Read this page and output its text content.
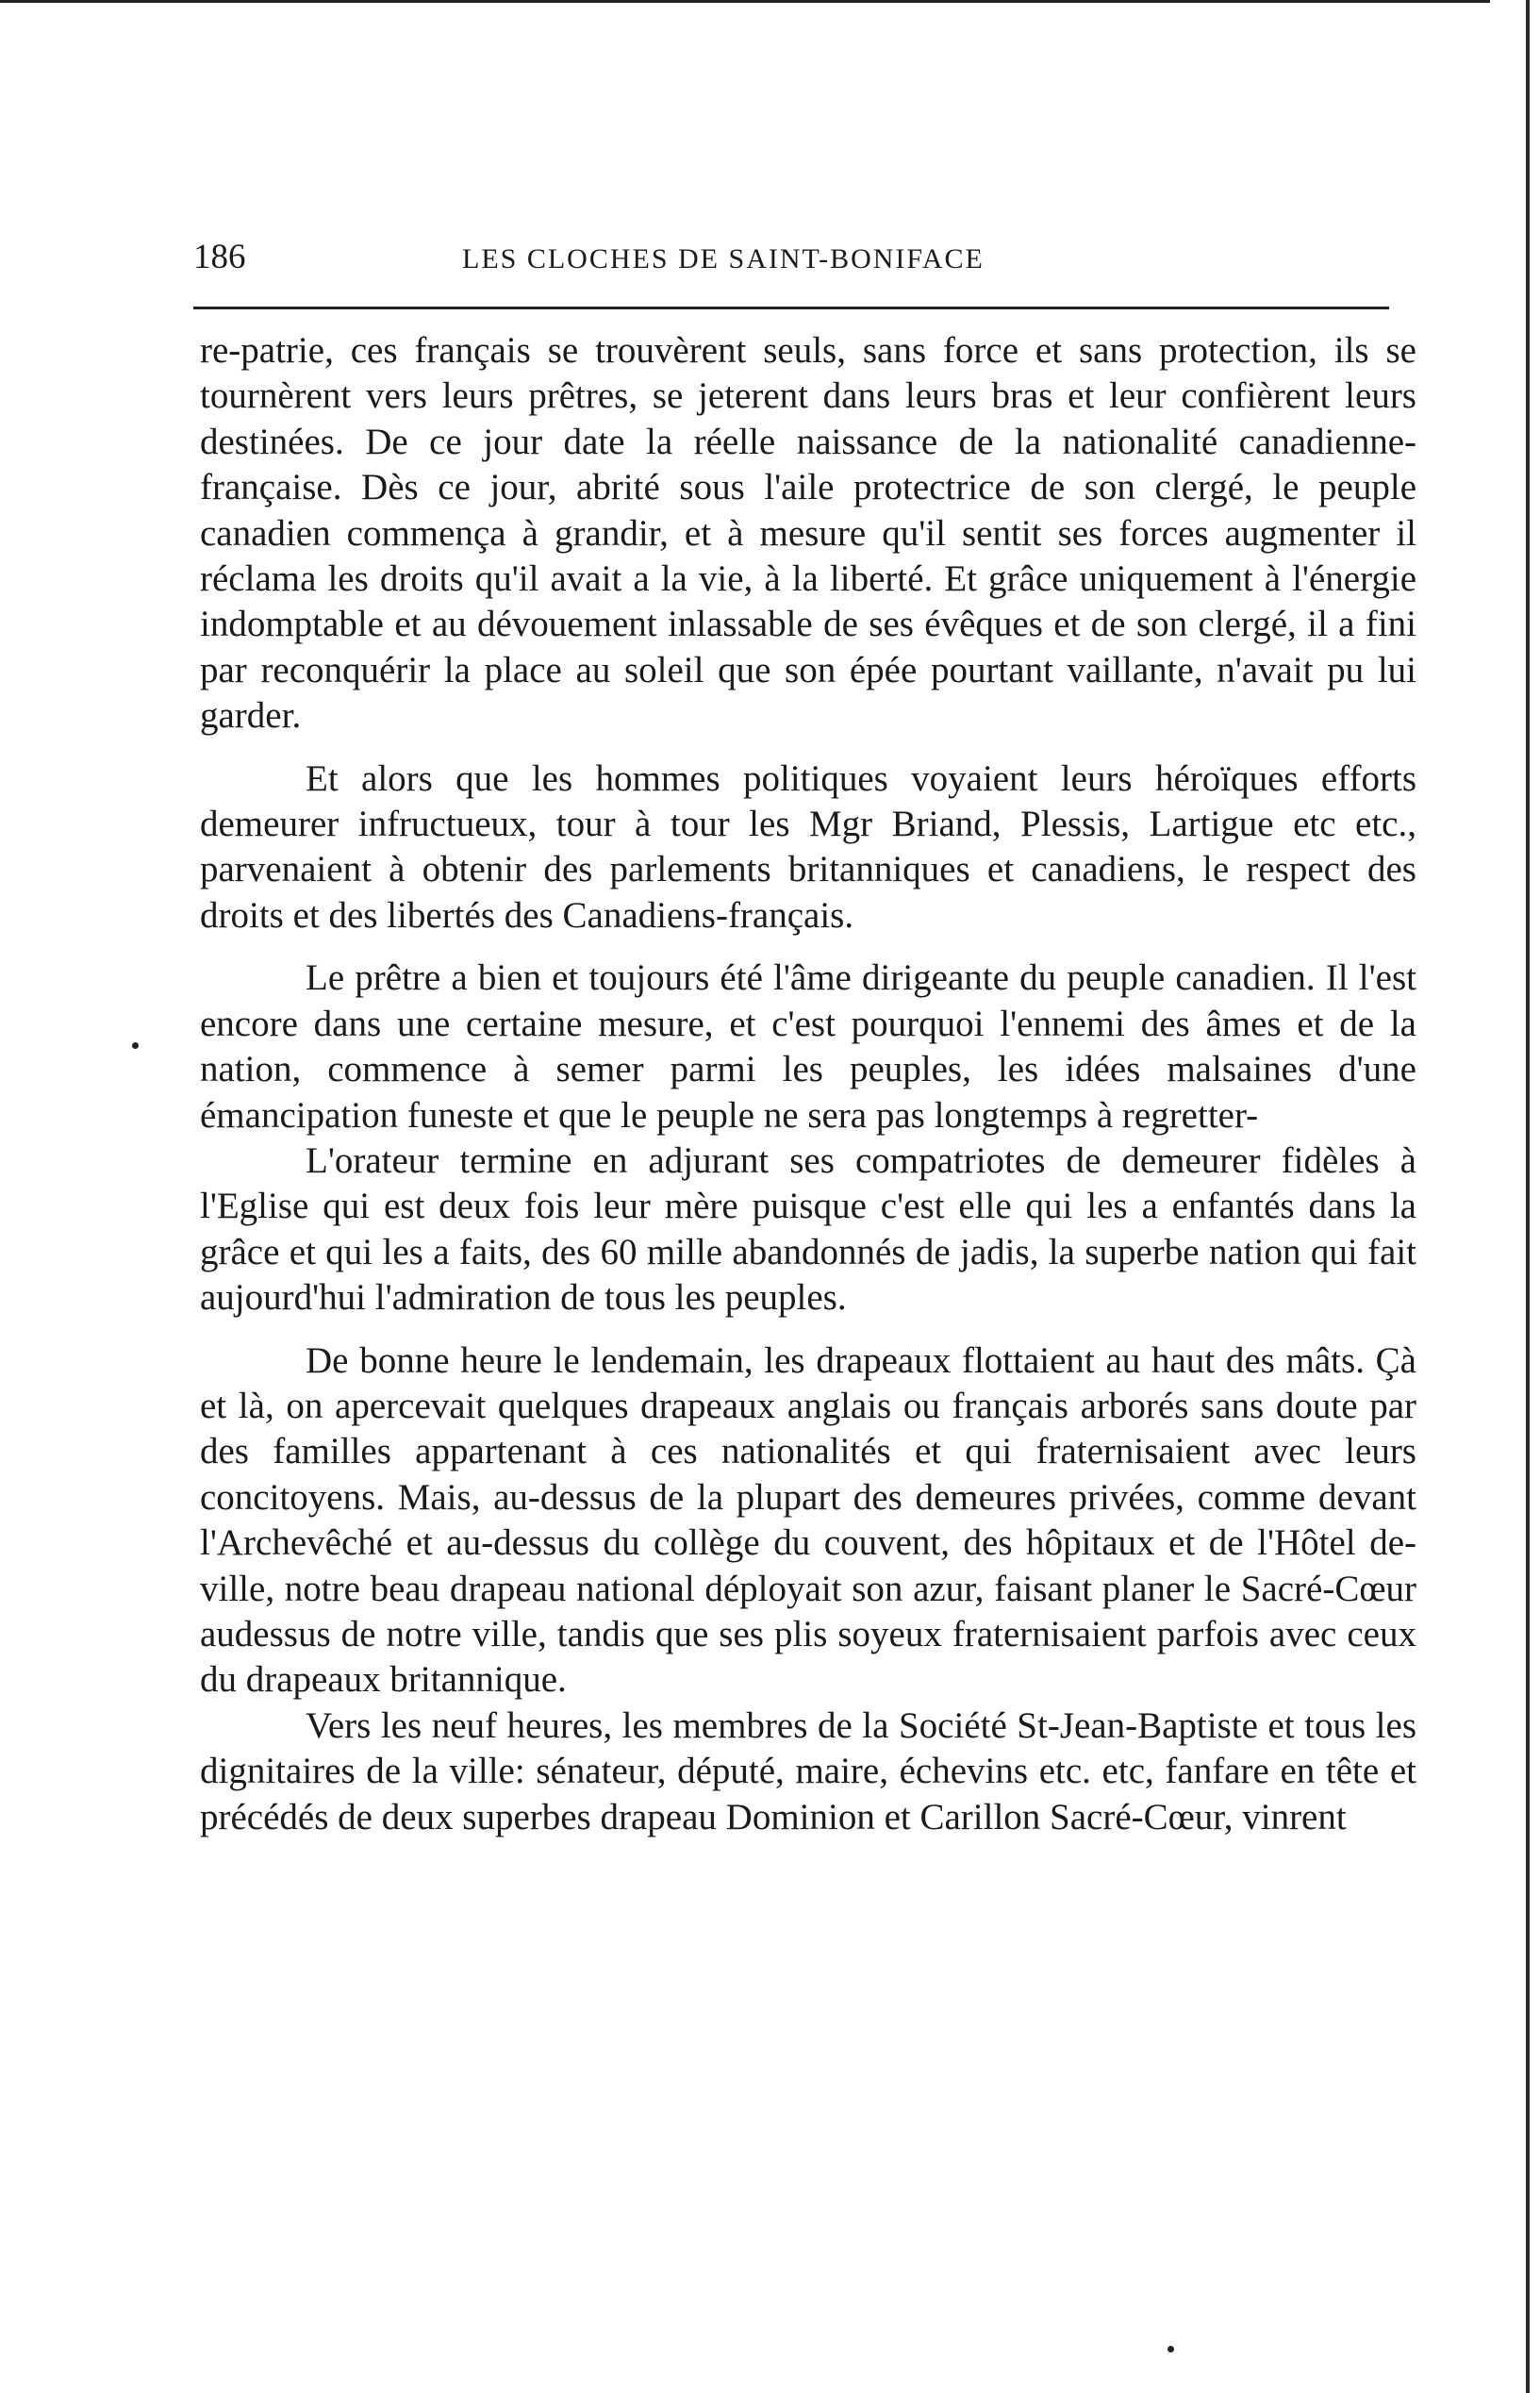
186	LES CLOCHES DE SAINT-BONIFACE

re-patrie, ces français se trouvèrent seuls, sans force et sans protection, ils se tournèrent vers leurs prêtres, se jeterent dans leurs bras et leur confièrent leurs destinées. De ce jour date la réelle naissance de la nationalité canadienne-française. Dès ce jour, abrité sous l'aile protectrice de son clergé, le peuple canadien commença à grandir, et à mesure qu'il sentit ses forces augmenter il réclama les droits qu'il avait a la vie, à la liberté. Et grâce uniquement à l'énergie indomptable et au dévouement inlassable de ses évêques et de son clergé, il a fini par reconquérir la place au soleil que son épée pourtant vaillante, n'avait pu lui garder.

Et alors que les hommes politiques voyaient leurs héroïques efforts demeurer infructueux, tour à tour les Mgr Briand, Plessis, Lartigue etc etc., parvenaient à obtenir des parlements britanniques et canadiens, le respect des droits et des libertés des Canadiens-français.

Le prêtre a bien et toujours été l'âme dirigeante du peuple canadien. Il l'est encore dans une certaine mesure, et c'est pourquoi l'ennemi des âmes et de la nation, commence à semer parmi les peuples, les idées malsaines d'une émancipation funeste et que le peuple ne sera pas longtemps à regretter-

L'orateur termine en adjurant ses compatriotes de demeurer fidèles à l'Eglise qui est deux fois leur mère puisque c'est elle qui les a enfantés dans la grâce et qui les a faits, des 60 mille abandonnés de jadis, la superbe nation qui fait aujourd'hui l'admiration de tous les peuples.

De bonne heure le lendemain, les drapeaux flottaient au haut des mâts. Çà et là, on apercevait quelques drapeaux anglais ou français arborés sans doute par des familles appartenant à ces nationalités et qui fraternisaient avec leurs concitoyens. Mais, au-dessus de la plupart des demeures privées, comme devant l'Archevêché et au-dessus du collège du couvent, des hôpitaux et de l'Hôtel de-ville, notre beau drapeau national déployait son azur, faisant planer le Sacré-Cœur audessus de notre ville, tandis que ses plis soyeux fraternisaient parfois avec ceux du drapeaux britannique.

Vers les neuf heures, les membres de la Société St-Jean-Baptiste et tous les dignitaires de la ville: sénateur, député, maire, échevins etc. etc, fanfare en tête et précédés de deux superbes drapeau Dominion et Carillon Sacré-Cœur, vinrent
